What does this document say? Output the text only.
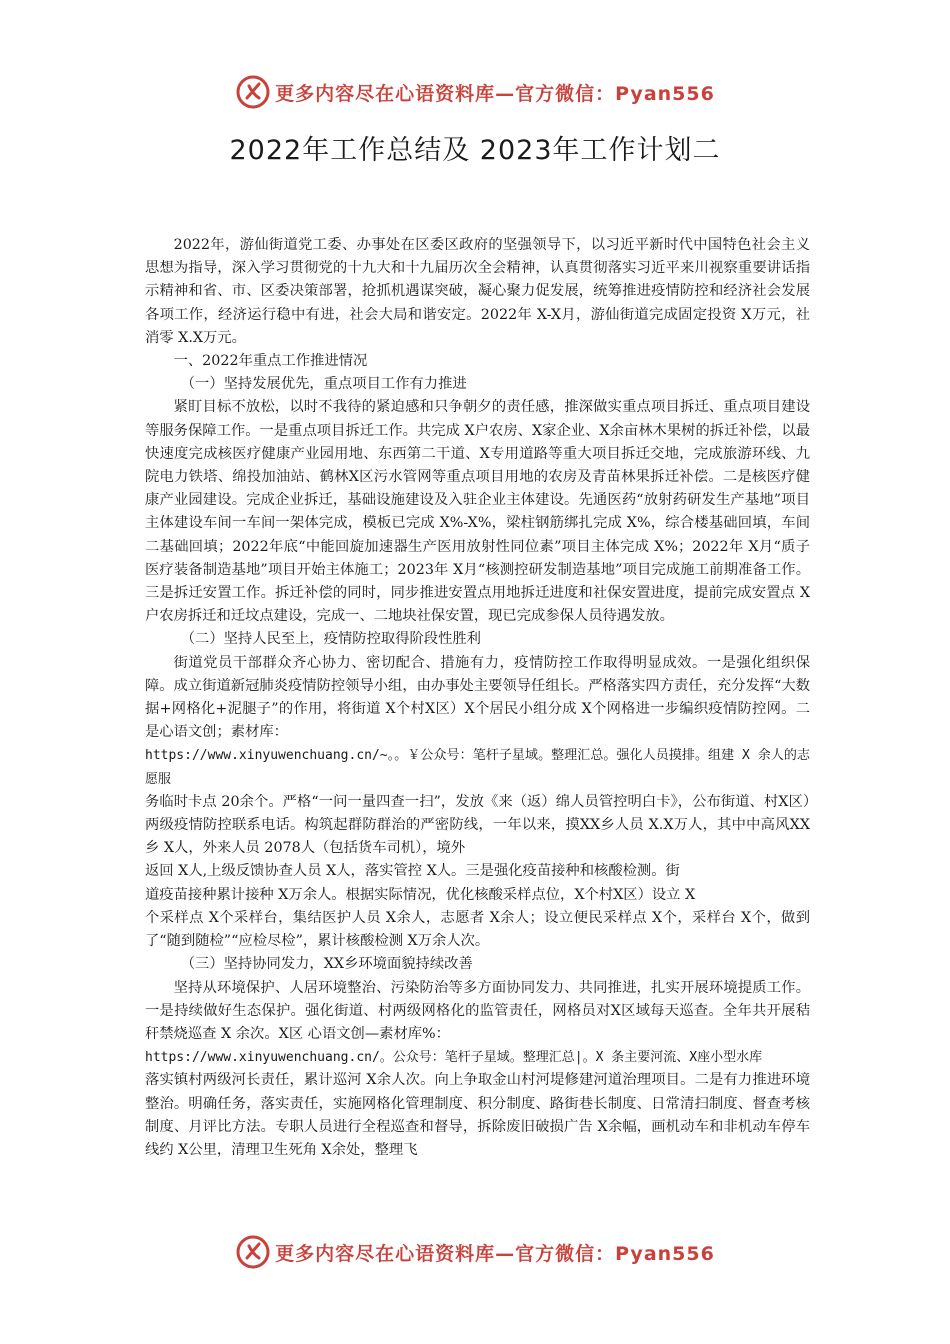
更多内容尽在心语资料库—官方微信：Pyan556
2022年工作总结及 2023年工作计划二

2022年，游仙街道党工委、办事处在区委区政府的坚强领导下，以习近平新时代中国特色社会主义思想为指导，深入学习贯彻党的十九大和十九届历次全会精神，认真贯彻落实习近平来川视察重要讲话指示精神和省、市、区委决策部署，抢抓机遇谋突破，凝心聚力促发展，统筹推进疫情防控和经济社会发展各项工作，经济运行稳中有进，社会大局和谐安定。2022年 X-X月，游仙街道完成固定投资 X万元，社消零 X.X万元。

一、2022年重点工作推进情况

（一）坚持发展优先，重点项目工作有力推进

紧盯目标不放松，以时不我待的紧迫感和只争朝夕的责任感，推深做实重点项目拆迁、重点项目建设等服务保障工作。一是重点项目拆迁工作。共完成 X户农房、X家企业、X余亩林木果树的拆迁补偿，以最快速度完成核医疗健康产业园用地、东西第二干道、X专用道路等重大项目拆迁交地，完成旅游环线、九院电力铁塔、绵投加油站、鹤林X区污水管网等重点项目用地的农房及青苗林果拆迁补偿。二是核医疗健康产业园建设。完成企业拆迁，基础设施建设及入驻企业主体建设。先通医药“放射药研发生产基地”项目主体建设车间一车间一架体完成，模板已完成 X%-X%，梁柱钢筋绑扎完成 X%，综合楼基础回填，车间二基础回填；2022年底“中能回旋加速器生产医用放射性同位素”项目主体完成 X%；2022年 X月“质子医疗装备制造基地”项目开始主体施工；2023年 X月“核测控研发制造基地”项目完成施工前期准备工作。三是拆迁安置工作。拆迁补偿的同时，同步推进安置点用地拆迁进度和社保安置进度，提前完成安置点 X户农房拆迁和迁坟点建设，完成一、二地块社保安置，现已完成参保人员待遇发放。

（二）坚持人民至上，疫情防控取得阶段性胜利

街道党员干部群众齐心协力、密切配合、措施有力，疫情防控工作取得明显成效。一是强化组织保障。成立街道新冠肺炎疫情防控领导小组，由办事处主要领导任组长。严格落实四方责任，充分发挥“大数据+网格化+泥腿子”的作用，将街道 X个村X区）X个居民小组分成 X个网格进一步编织疫情防控网。二是心语文创；素材库：

https://www.xinyuwenchuang.cn/~。。￥公众号：笔杆子星域。整理汇总。强化人员摸排。组建 X 余人的志愿服

务临时卡点 20余个。严格“一问一量四查一扫”，发放《来（返）绵人员管控明白卡》，公布街道、村X区）两级疫情防控联系电话。构筑起群防群治的严密防线，一年以来，摸XX乡人员 X.X万人，其中中高风XX乡 X人，外来人员 2078人（包括货车司机），境外

返回 X人,上级反馈协查人员 X人，落实管控 X人。三是强化疫苗接种和核酸检测。街

道疫苗接种累计接种 X万余人。根据实际情况，优化核酸采样点位，X个村X区）设立 X

个采样点 X个采样台，集结医护人员 X余人，志愿者 X余人；设立便民采样点 X个，采样台 X个，做到了“随到随检”“应检尽检”，累计核酸检测 X万余人次。

（三）坚持协同发力，XX乡环境面貌持续改善

坚持从环境保护、人居环境整治、污染防治等多方面协同发力、共同推进，扎实开展环境提质工作。一是持续做好生态保护。强化街道、村两级网格化的监管责任，网格员对X区域每天巡查。全年共开展秸秆禁烧巡查 X 余次。X区 心语文创—素材库%：

https://www.xinyuwenchuang.cn/。公众号：笔杆子星域。整理汇总|。X 条主要河流、X座小型水库

落实镇村两级河长责任，累计巡河 X余人次。向上争取金山村河堤修建河道治理项目。二是有力推进环境整治。明确任务，落实责任，实施网格化管理制度、积分制度、路街巷长制度、日常清扫制度、督查考核制度、月评比方法。专职人员进行全程巡查和督导，拆除废旧破损广告 X余幅，画机动车和非机动车停车线约 X公里，清理卫生死角 X余处，整理飞

更多内容尽在心语资料库—官方微信：Pyan556
